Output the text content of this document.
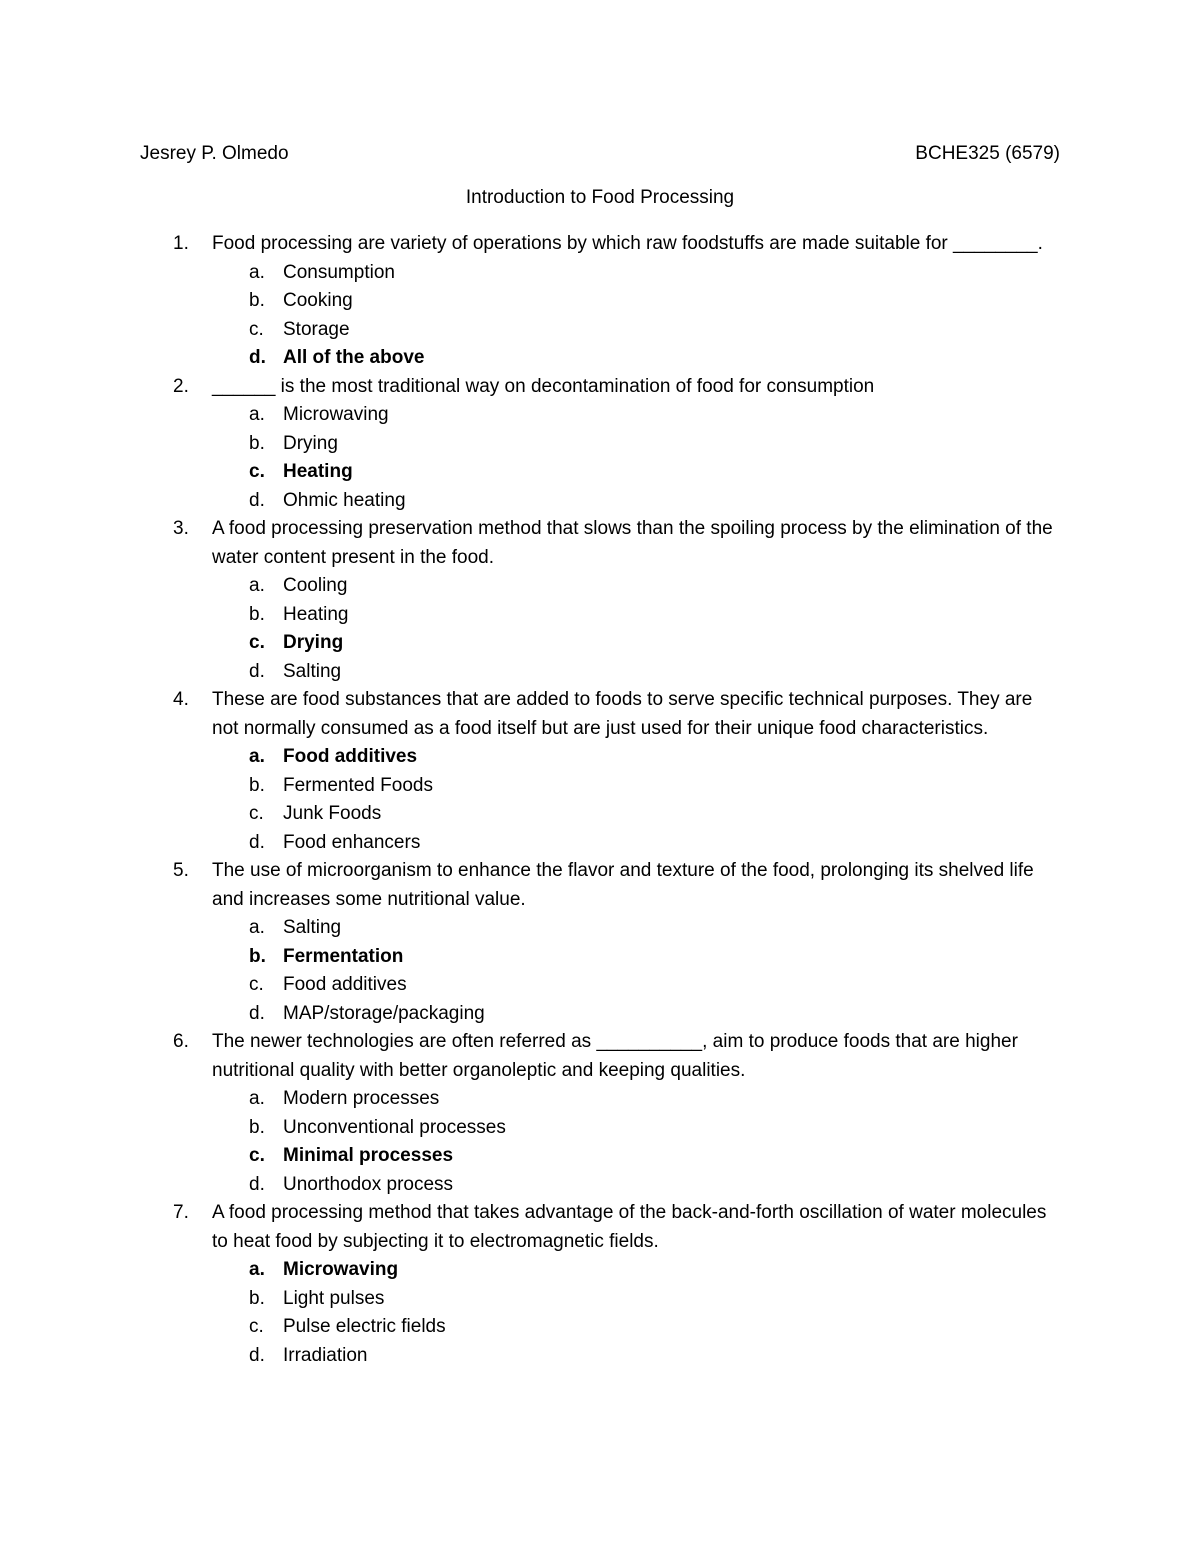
Jesrey P. Olmedo	BCHE325 (6579)
Introduction to Food Processing
1. Food processing are variety of operations by which raw foodstuffs are made suitable for ________.
a. Consumption
b. Cooking
c. Storage
d. All of the above
2. ______ is the most traditional way on decontamination of food for consumption
a. Microwaving
b. Drying
c. Heating
d. Ohmic heating
3. A food processing preservation method that slows than the spoiling process by the elimination of the water content present in the food.
a. Cooling
b. Heating
c. Drying
d. Salting
4. These are food substances that are added to foods to serve specific technical purposes. They are not normally consumed as a food itself but are just used for their unique food characteristics.
a. Food additives
b. Fermented Foods
c. Junk Foods
d. Food enhancers
5. The use of microorganism to enhance the flavor and texture of the food, prolonging its shelved life and increases some nutritional value.
a. Salting
b. Fermentation
c. Food additives
d. MAP/storage/packaging
6. The newer technologies are often referred as __________, aim to produce foods that are higher nutritional quality with better organoleptic and keeping qualities.
a. Modern processes
b. Unconventional processes
c. Minimal processes
d. Unorthodox process
7. A food processing method that takes advantage of the back-and-forth oscillation of water molecules to heat food by subjecting it to electromagnetic fields.
a. Microwaving
b. Light pulses
c. Pulse electric fields
d. Irradiation
